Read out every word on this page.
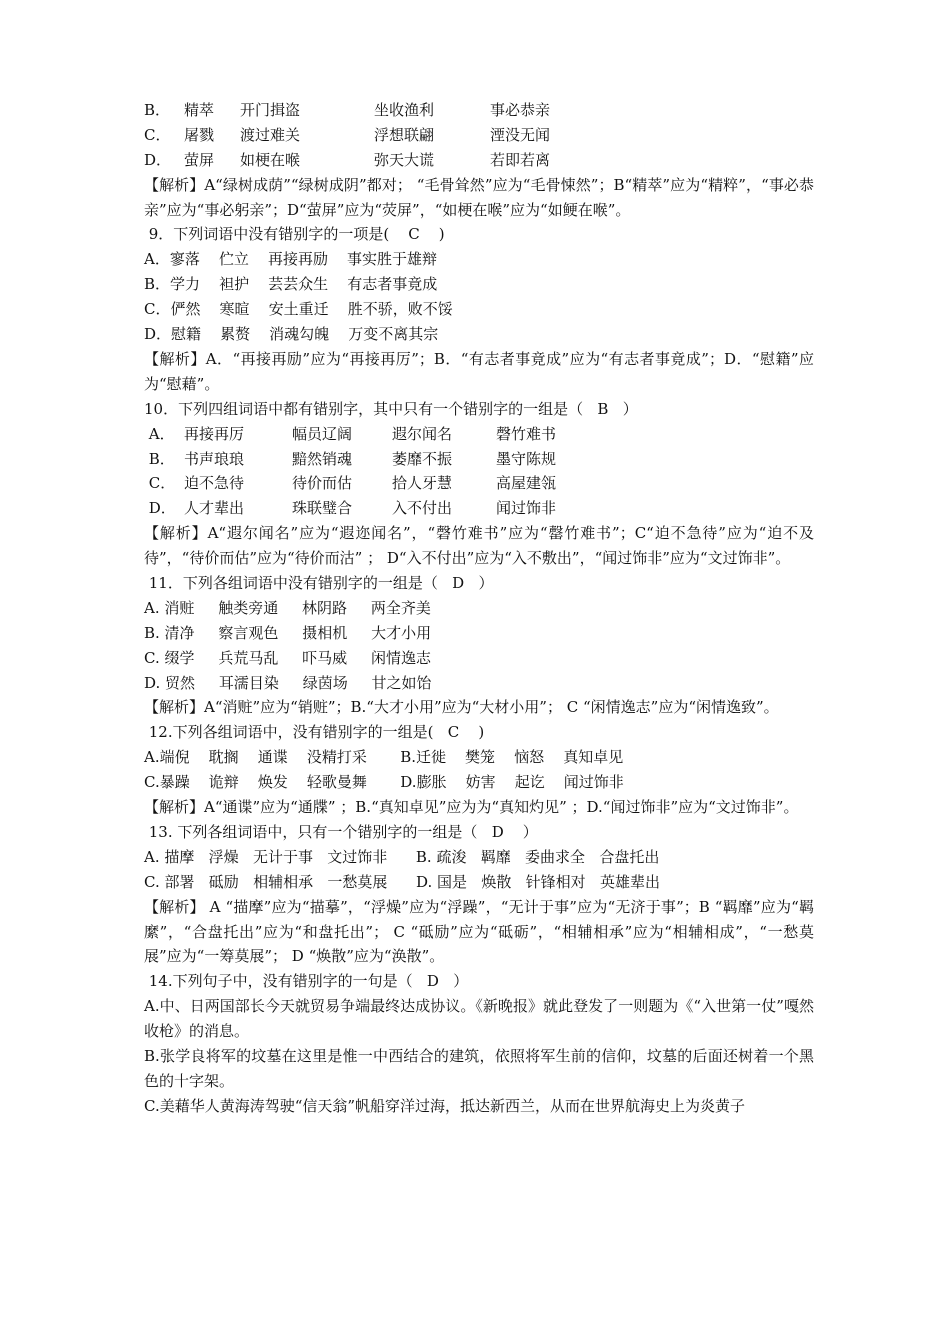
B． 精萃	开门揖盗	坐收渔利	事必恭亲
C． 屠戮	渡过难关	浮想联翩	湮没无闻
D． 萤屏	如梗在喉	弥天大谎	若即若离
【解析】A“绿树成荫”“绿树成阴”都对； “毛骨耸然”应为“毛骨悚然”；B“精萃”应为“精粹”，“事必恭亲”应为“事必躬亲”；D“萤屏”应为“荧屏”，“如梗在喉”应为“如鲠在喉”。
9．下列词语中没有错别字的一项是(    C    )
A．寥落    伫立    再接再励    事实胜于雄辩
B．学力    袒护    芸芸众生    有志者事竟成
C．俨然    寒暄    安土重迁    胜不骄，败不馁
D．慰籍    累赘    消魂勾魄    万变不离其宗
【解析】A．“再接再励”应为“再接再厉”；B．“有志者事竟成”应为“有志者事竟成”；D．“慰籍”应为“慰藉”。
10．下列四组词语中都有错别字，其中只有一个错别字的一组是（   B   ）
A． 再接再厉	幅员辽阔	遐尔闻名	磬竹难书
B． 书声琅琅	黯然销魂	萎靡不振	墨守陈规
C． 迫不急待	待价而估	拾人牙慧	高屋建瓴
D． 人才辈出	珠联璧合	入不付出	闻过饰非
【解析】A“遐尔闻名”应为“遐迩闻名”，“磬竹难书”应为“罄竹难书”；C“迫不急待”应为“迫不及待”，“待价而估”应为“待价而沽” ； D“入不付出”应为“入不敷出”，“闻过饰非”应为“文过饰非”。
11．下列各组词语中没有错别字的一组是（   D   ）
A. 消赃     触类旁通     林阴路     两全齐美
B. 清净     察言观色     摄相机     大才小用
C. 缀学     兵荒马乱     吓马威     闲情逸志
D. 贸然     耳濡目染     绿茵场     甘之如饴
【解析】A“消赃”应为“销赃”；B.“大才小用”应为“大材小用”； C “闲情逸志”应为“闲情逸致”。
12.下列各组词语中，没有错别字的一组是(   C    )
A.端倪    耽搁    通谍    没精打采       B.迁徙    樊笼    恼怒    真知卓见
C.暴躁    诡辩    焕发    轻歌曼舞       D.膨胀    妨害    起讫    闻过饰非
【解析】A“通谍”应为“通牒” ；B.“真知卓见”应为为“真知灼见” ；D.“闻过饰非”应为“文过饰非”。
13. 下列各组词语中，只有一个错别字的一组是（   D    ）
A. 描摩   浮燥   无计于事   文过饰非      B. 疏浚   羁靡   委曲求全   合盘托出
C. 部署   砥励   相辅相承   一愁莫展      D. 国是   焕散   针锋相对   英雄辈出
【解析】 A “描摩”应为“描摹”，“浮燥”应为“浮躁”，“无计于事”应为“无济于事”；B “羁靡”应为“羁縻”，“合盘托出”应为“和盘托出”； C “砥励”应为“砥砺”，“相辅相承”应为“相辅相成”，“一愁莫展”应为“一筹莫展”； D “焕散”应为“涣散”。
14.下列句子中，没有错别字的一句是（   D   ）
A.中、日两国部长今天就贸易争端最终达成协议。《新晚报》就此登发了一则题为《“入世第一仗”嘎然收枪》的消息。
B.张学良将军的坟墓在这里是惟一中西结合的建筑，依照将军生前的信仰，坟墓的后面还树着一个黑色的十字架。
C.美藉华人黄海涛驾驶“信天翁”帆船穿洋过海，抵达新西兰，从而在世界航海史上为炎黄子
